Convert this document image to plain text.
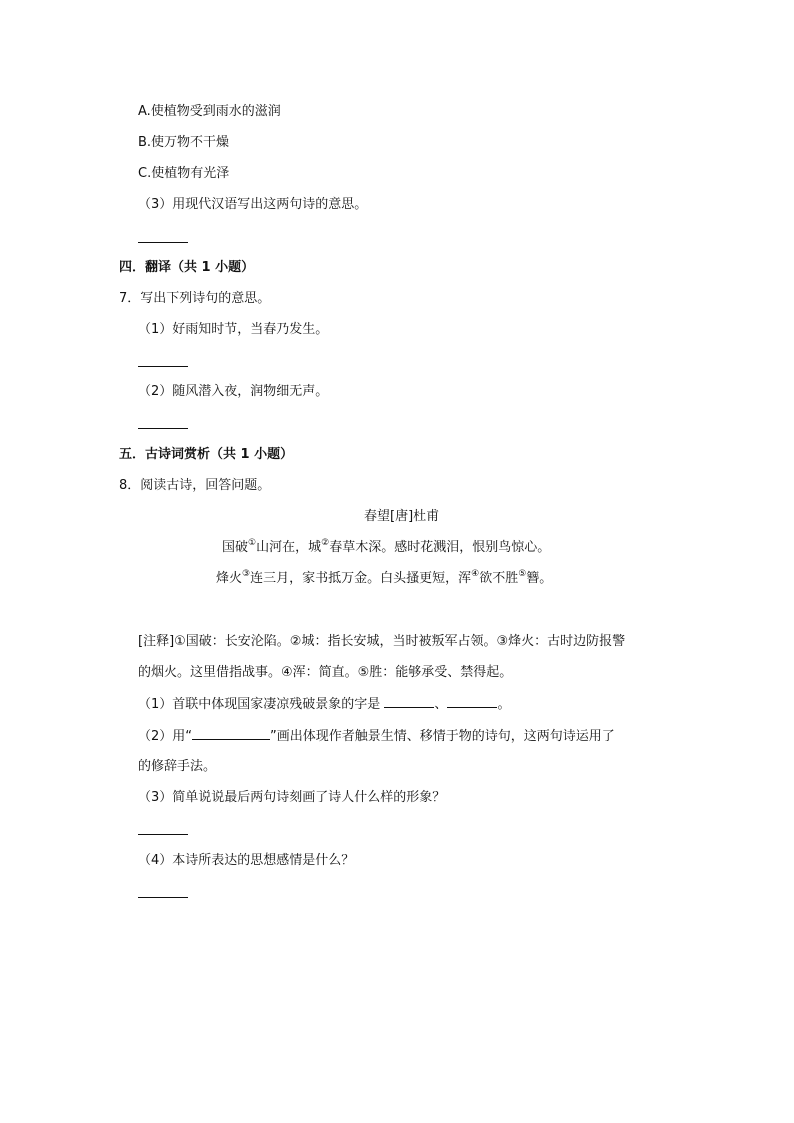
A.使植物受到雨水的滋润
B.使万物不干燥
C.使植物有光泽
（3）用现代汉语写出这两句诗的意思。
四．翻译（共 1 小题）
7．写出下列诗句的意思。
（1）好雨知时节，当春乃发生。
（2）随风潜入夜，润物细无声。
五．古诗词赏析（共 1 小题）
8．阅读古诗，回答问题。
春望[唐]杜甫
国破①山河在，城②春草木深。感时花溅泪，恨别鸟惊心。
烽火③连三月，家书抵万金。白头搔更短，浑④欲不胜⑤簪。
[注释]①国破：长安沦陷。②城：指长安城，当时被叛军占领。③烽火：古时边防报警
的烟火。这里借指战事。④浑：简直。⑤胜：能够承受、禁得起。
（1）首联中体现国家凄凉残破景象的字是	、	。
（2）用“	”画出体现作者触景生情、移情于物的诗句，这两句诗运用了
的修辞手法。
（3）简单说说最后两句诗刻画了诗人什么样的形象？
（4）本诗所表达的思想感情是什么？
